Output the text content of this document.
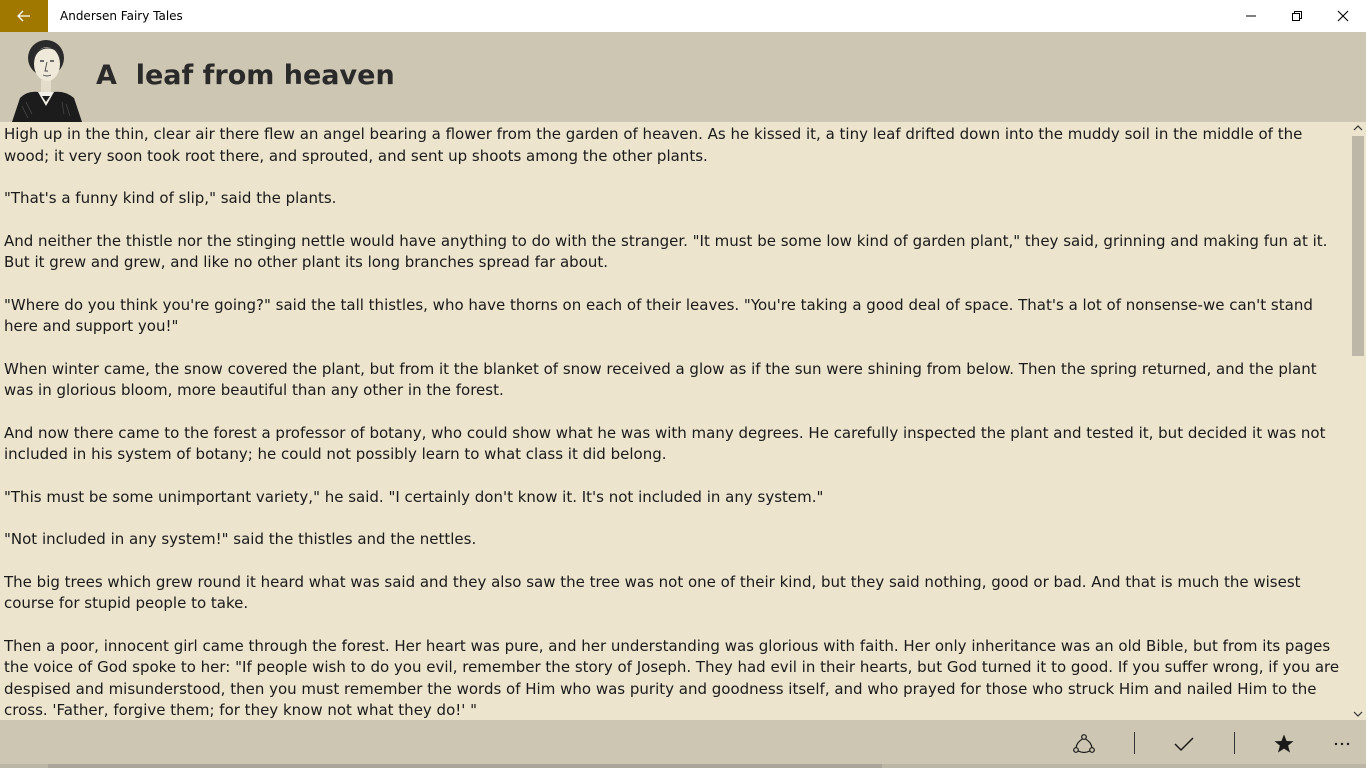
Andersen Fairy Tales
A  leaf from heaven

High up in the thin, clear air there flew an angel bearing a flower from the garden of heaven. As he kissed it, a tiny leaf drifted down into the muddy soil in the middle of the wood; it very soon took root there, and sprouted, and sent up shoots among the other plants.

"That's a funny kind of slip," said the plants.

And neither the thistle nor the stinging nettle would have anything to do with the stranger. "It must be some low kind of garden plant," they said, grinning and making fun at it. But it grew and grew, and like no other plant its long branches spread far about.

"Where do you think you're going?" said the tall thistles, who have thorns on each of their leaves. "You're taking a good deal of space. That's a lot of nonsense-we can't stand here and support you!"

When winter came, the snow covered the plant, but from it the blanket of snow received a glow as if the sun were shining from below. Then the spring returned, and the plant was in glorious bloom, more beautiful than any other in the forest.

And now there came to the forest a professor of botany, who could show what he was with many degrees. He carefully inspected the plant and tested it, but decided it was not included in his system of botany; he could not possibly learn to what class it did belong.

"This must be some unimportant variety," he said. "I certainly don't know it. It's not included in any system."

"Not included in any system!" said the thistles and the nettles.

The big trees which grew round it heard what was said and they also saw the tree was not one of their kind, but they said nothing, good or bad. And that is much the wisest course for stupid people to take.

Then a poor, innocent girl came through the forest. Her heart was pure, and her understanding was glorious with faith. Her only inheritance was an old Bible, but from its pages the voice of God spoke to her: "If people wish to do you evil, remember the story of Joseph. They had evil in their hearts, but God turned it to good. If you suffer wrong, if you are despised and misunderstood, then you must remember the words of Him who was purity and goodness itself, and who prayed for those who struck Him and nailed Him to the cross. 'Father, forgive them; for they know not what they do!' "
